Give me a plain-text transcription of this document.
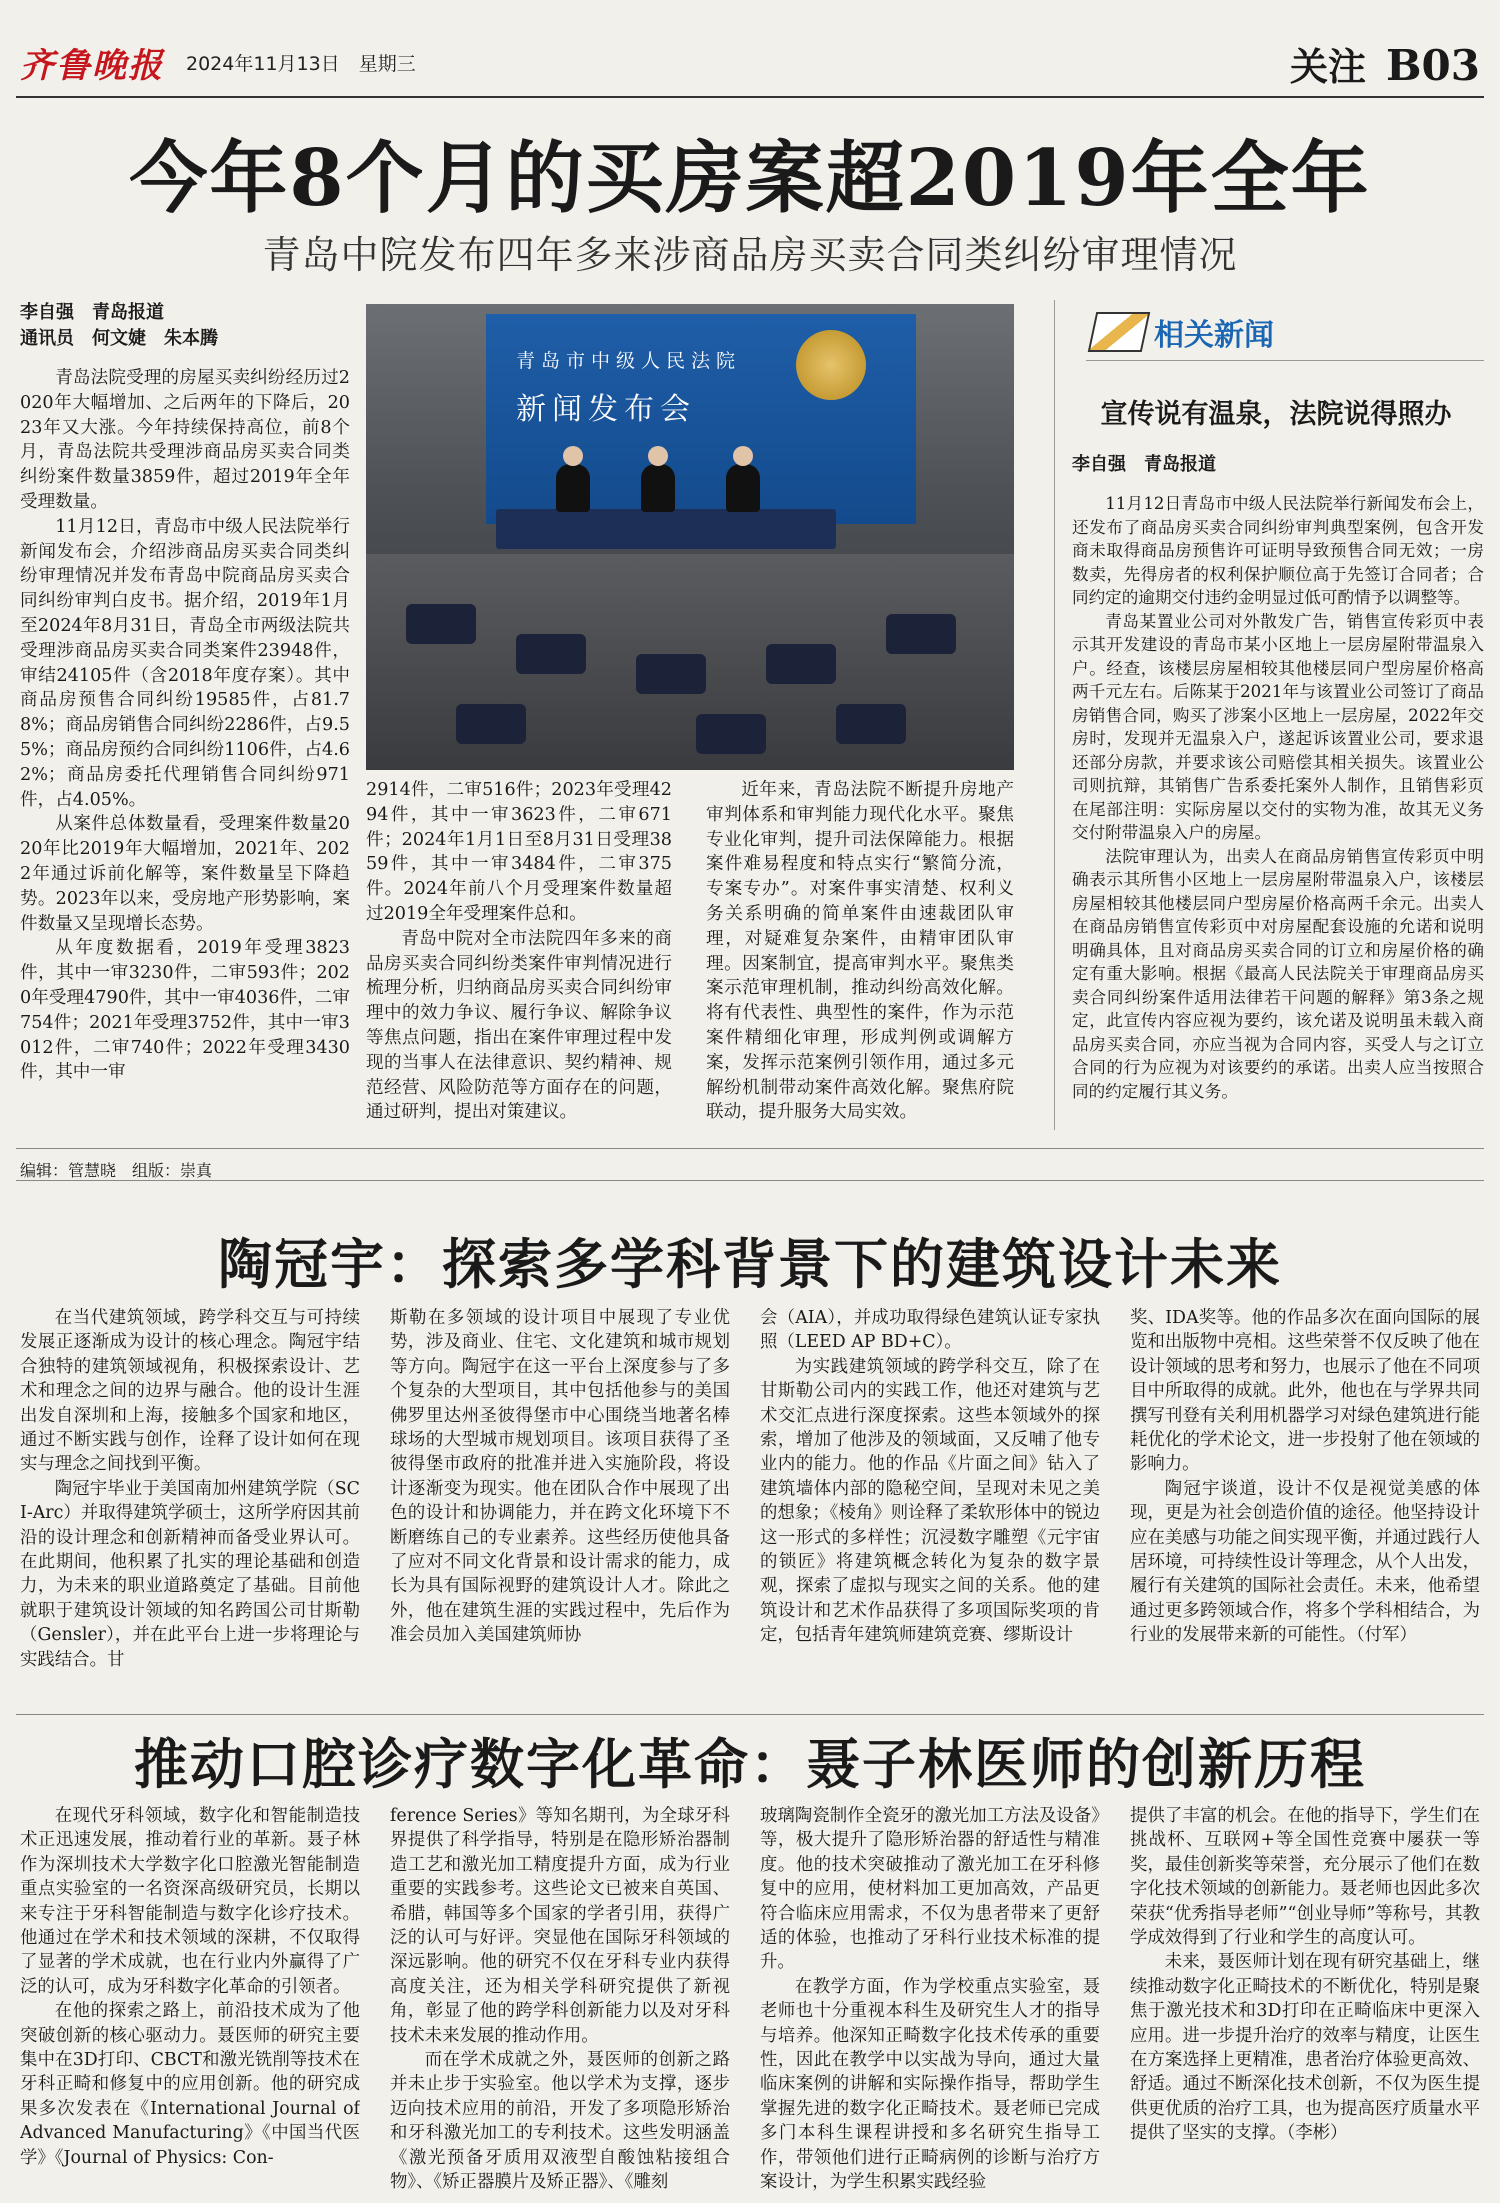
齐鲁晚报 2024年11月13日　星期三	关注 B03
今年8个月的买房案超2019年全年
青岛中院发布四年多来涉商品房买卖合同类纠纷审理情况
李自强　青岛报道
通讯员　何文婕　朱本腾

青岛法院受理的房屋买卖纠纷经历过2020年大幅增加、之后两年的下降后，2023年又大涨。今年持续保持高位，前8个月，青岛法院共受理涉商品房买卖合同类纠纷案件数量3859件，超过2019年全年受理数量。

11月12日，青岛市中级人民法院举行新闻发布会，介绍涉商品房买卖合同类纠纷审理情况并发布青岛中院商品房买卖合同纠纷审判白皮书。据介绍，2019年1月至2024年8月31日，青岛全市两级法院共受理涉商品房买卖合同类案件23948件，审结24105件（含2018年度存案）。其中商品房预售合同纠纷19585件，占81.78%；商品房销售合同纠纷2286件，占9.55%；商品房预约合同纠纷1106件，占4.62%；商品房委托代理销售合同纠纷971件，占4.05%。

从案件总体数量看，受理案件数量2020年比2019年大幅增加，2021年、2022年通过诉前化解等，案件数量呈下降趋势。2023年以来，受房地产形势影响，案件数量又呈现增长态势。

从年度数据看，2019年受理3823件，其中一审3230件，二审593件；2020年受理4790件，其中一审4036件，二审754件；2021年受理3752件，其中一审3012件，二审740件；2022年受理3430件，其中一审

青岛市中级人民法院
新闻发布会

2914件，二审516件；2023年受理4294件，其中一审3623件，二审671件；2024年1月1日至8月31日受理3859件，其中一审3484件，二审375件。2024年前八个月受理案件数量超过2019全年受理案件总和。

青岛中院对全市法院四年多来的商品房买卖合同纠纷类案件审判情况进行梳理分析，归纳商品房买卖合同纠纷审理中的效力争议、履行争议、解除争议等焦点问题，指出在案件审理过程中发现的当事人在法律意识、契约精神、规范经营、风险防范等方面存在的问题，通过研判，提出对策建议。

近年来，青岛法院不断提升房地产审判体系和审判能力现代化水平。聚焦专业化审判，提升司法保障能力。根据案件难易程度和特点实行“繁简分流，专案专办”。对案件事实清楚、权利义务关系明确的简单案件由速裁团队审理，对疑难复杂案件，由精审团队审理。因案制宜，提高审判水平。聚焦类案示范审理机制，推动纠纷高效化解。将有代表性、典型性的案件，作为示范案件精细化审理，形成判例或调解方案，发挥示范案例引领作用，通过多元解纷机制带动案件高效化解。聚焦府院联动，提升服务大局实效。

相关新闻
宣传说有温泉，法院说得照办
李自强　青岛报道

11月12日青岛市中级人民法院举行新闻发布会上，还发布了商品房买卖合同纠纷审判典型案例，包含开发商未取得商品房预售许可证明导致预售合同无效；一房数卖，先得房者的权利保护顺位高于先签订合同者；合同约定的逾期交付违约金明显过低可酌情予以调整等。

青岛某置业公司对外散发广告，销售宣传彩页中表示其开发建设的青岛市某小区地上一层房屋附带温泉入户。经查，该楼层房屋相较其他楼层同户型房屋价格高两千元左右。后陈某于2021年与该置业公司签订了商品房销售合同，购买了涉案小区地上一层房屋，2022年交房时，发现并无温泉入户，遂起诉该置业公司，要求退还部分房款，并要求该公司赔偿其相关损失。该置业公司则抗辩，其销售广告系委托案外人制作，且销售彩页在尾部注明：实际房屋以交付的实物为准，故其无义务交付附带温泉入户的房屋。

法院审理认为，出卖人在商品房销售宣传彩页中明确表示其所售小区地上一层房屋附带温泉入户，该楼层房屋相较其他楼层同户型房屋价格高两千余元。出卖人在商品房销售宣传彩页中对房屋配套设施的允诺和说明明确具体，且对商品房买卖合同的订立和房屋价格的确定有重大影响。根据《最高人民法院关于审理商品房买卖合同纠纷案件适用法律若干问题的解释》第3条之规定，此宣传内容应视为要约，该允诺及说明虽未载入商品房买卖合同，亦应当视为合同内容，买受人与之订立合同的行为应视为对该要约的承诺。出卖人应当按照合同的约定履行其义务。

编辑：管慧晓　组版：崇真
陶冠宇：探索多学科背景下的建筑设计未来

在当代建筑领域，跨学科交互与可持续发展正逐渐成为设计的核心理念。陶冠宇结合独特的建筑领域视角，积极探索设计、艺术和理念之间的边界与融合。他的设计生涯出发自深圳和上海，接触多个国家和地区，通过不断实践与创作，诠释了设计如何在现实与理念之间找到平衡。

陶冠宇毕业于美国南加州建筑学院（SCI-Arc）并取得建筑学硕士，这所学府因其前沿的设计理念和创新精神而备受业界认可。在此期间，他积累了扎实的理论基础和创造力，为未来的职业道路奠定了基础。目前他就职于建筑设计领域的知名跨国公司甘斯勒（Gensler），并在此平台上进一步将理论与实践结合。甘

斯勒在多领域的设计项目中展现了专业优势，涉及商业、住宅、文化建筑和城市规划等方向。陶冠宇在这一平台上深度参与了多个复杂的大型项目，其中包括他参与的美国佛罗里达州圣彼得堡市中心围绕当地著名棒球场的大型城市规划项目。该项目获得了圣彼得堡市政府的批准并进入实施阶段，将设计逐渐变为现实。他在团队合作中展现了出色的设计和协调能力，并在跨文化环境下不断磨练自己的专业素养。这些经历使他具备了应对不同文化背景和设计需求的能力，成长为具有国际视野的建筑设计人才。除此之外，他在建筑生涯的实践过程中，先后作为准会员加入美国建筑师协

会（AIA），并成功取得绿色建筑认证专家执照（LEED AP BD+C）。

为实践建筑领域的跨学科交互，除了在甘斯勒公司内的实践工作，他还对建筑与艺术交汇点进行深度探索。这些本领域外的探索，增加了他涉及的领域面，又反哺了他专业内的能力。他的作品《片面之间》钻入了建筑墙体内部的隐秘空间，呈现对未见之美的想象；《棱角》则诠释了柔软形体中的锐边这一形式的多样性；沉浸数字雕塑《元宇宙的锁匠》将建筑概念转化为复杂的数字景观，探索了虚拟与现实之间的关系。他的建筑设计和艺术作品获得了多项国际奖项的肯定，包括青年建筑师建筑竞赛、缪斯设计

奖、IDA奖等。他的作品多次在面向国际的展览和出版物中亮相。这些荣誉不仅反映了他在设计领域的思考和努力，也展示了他在不同项目中所取得的成就。此外，他也在与学界共同撰写刊登有关利用机器学习对绿色建筑进行能耗优化的学术论文，进一步投射了他在领域的影响力。

陶冠宇谈道，设计不仅是视觉美感的体现，更是为社会创造价值的途径。他坚持设计应在美感与功能之间实现平衡，并通过践行人居环境，可持续性设计等理念，从个人出发，履行有关建筑的国际社会责任。未来，他希望通过更多跨领域合作，将多个学科相结合，为行业的发展带来新的可能性。（付军）

推动口腔诊疗数字化革命：聂子林医师的创新历程

在现代牙科领域，数字化和智能制造技术正迅速发展，推动着行业的革新。聂子林作为深圳技术大学数字化口腔激光智能制造重点实验室的一名资深高级研究员，长期以来专注于牙科智能制造与数字化诊疗技术。他通过在学术和技术领域的深耕，不仅取得了显著的学术成就，也在行业内外赢得了广泛的认可，成为牙科数字化革命的引领者。

在他的探索之路上，前沿技术成为了他突破创新的核心驱动力。聂医师的研究主要集中在3D打印、CBCT和激光铣削等技术在牙科正畸和修复中的应用创新。他的研究成果多次发表在《International Journal of Advanced Manufacturing》《中国当代医学》《Journal of Physics: Con-

ference Series》等知名期刊，为全球牙科界提供了科学指导，特别是在隐形矫治器制造工艺和激光加工精度提升方面，成为行业重要的实践参考。这些论文已被来自英国、希腊，韩国等多个国家的学者引用，获得广泛的认可与好评。突显他在国际牙科领域的深远影响。他的研究不仅在牙科专业内获得高度关注，还为相关学科研究提供了新视角，彰显了他的跨学科创新能力以及对牙科技术未来发展的推动作用。

而在学术成就之外，聂医师的创新之路并未止步于实验室。他以学术为支撑，逐步迈向技术应用的前沿，开发了多项隐形矫治和牙科激光加工的专利技术。这些发明涵盖《激光预备牙质用双液型自酸蚀粘接组合物》、《矫正器膜片及矫正器》、《雕刻

玻璃陶瓷制作全瓷牙的激光加工方法及设备》等，极大提升了隐形矫治器的舒适性与精准度。他的技术突破推动了激光加工在牙科修复中的应用，使材料加工更加高效，产品更符合临床应用需求，不仅为患者带来了更舒适的体验，也推动了牙科行业技术标准的提升。

在教学方面，作为学校重点实验室，聂老师也十分重视本科生及研究生人才的指导与培养。他深知正畸数字化技术传承的重要性，因此在教学中以实战为导向，通过大量临床案例的讲解和实际操作指导，帮助学生掌握先进的数字化正畸技术。聂老师已完成多门本科生课程讲授和多名研究生指导工作，带领他们进行正畸病例的诊断与治疗方案设计，为学生积累实践经验

提供了丰富的机会。在他的指导下，学生们在挑战杯、互联网+等全国性竞赛中屡获一等奖，最佳创新奖等荣誉，充分展示了他们在数字化技术领域的创新能力。聂老师也因此多次荣获“优秀指导老师”“创业导师”等称号，其教学成效得到了行业和学生的高度认可。

未来，聂医师计划在现有研究基础上，继续推动数字化正畸技术的不断优化，特别是聚焦于激光技术和3D打印在正畸临床中更深入应用。进一步提升治疗的效率与精度，让医生在方案选择上更精准，患者治疗体验更高效、舒适。通过不断深化技术创新，不仅为医生提供更优质的治疗工具，也为提高医疗质量水平提供了坚实的支撑。（李彬）
